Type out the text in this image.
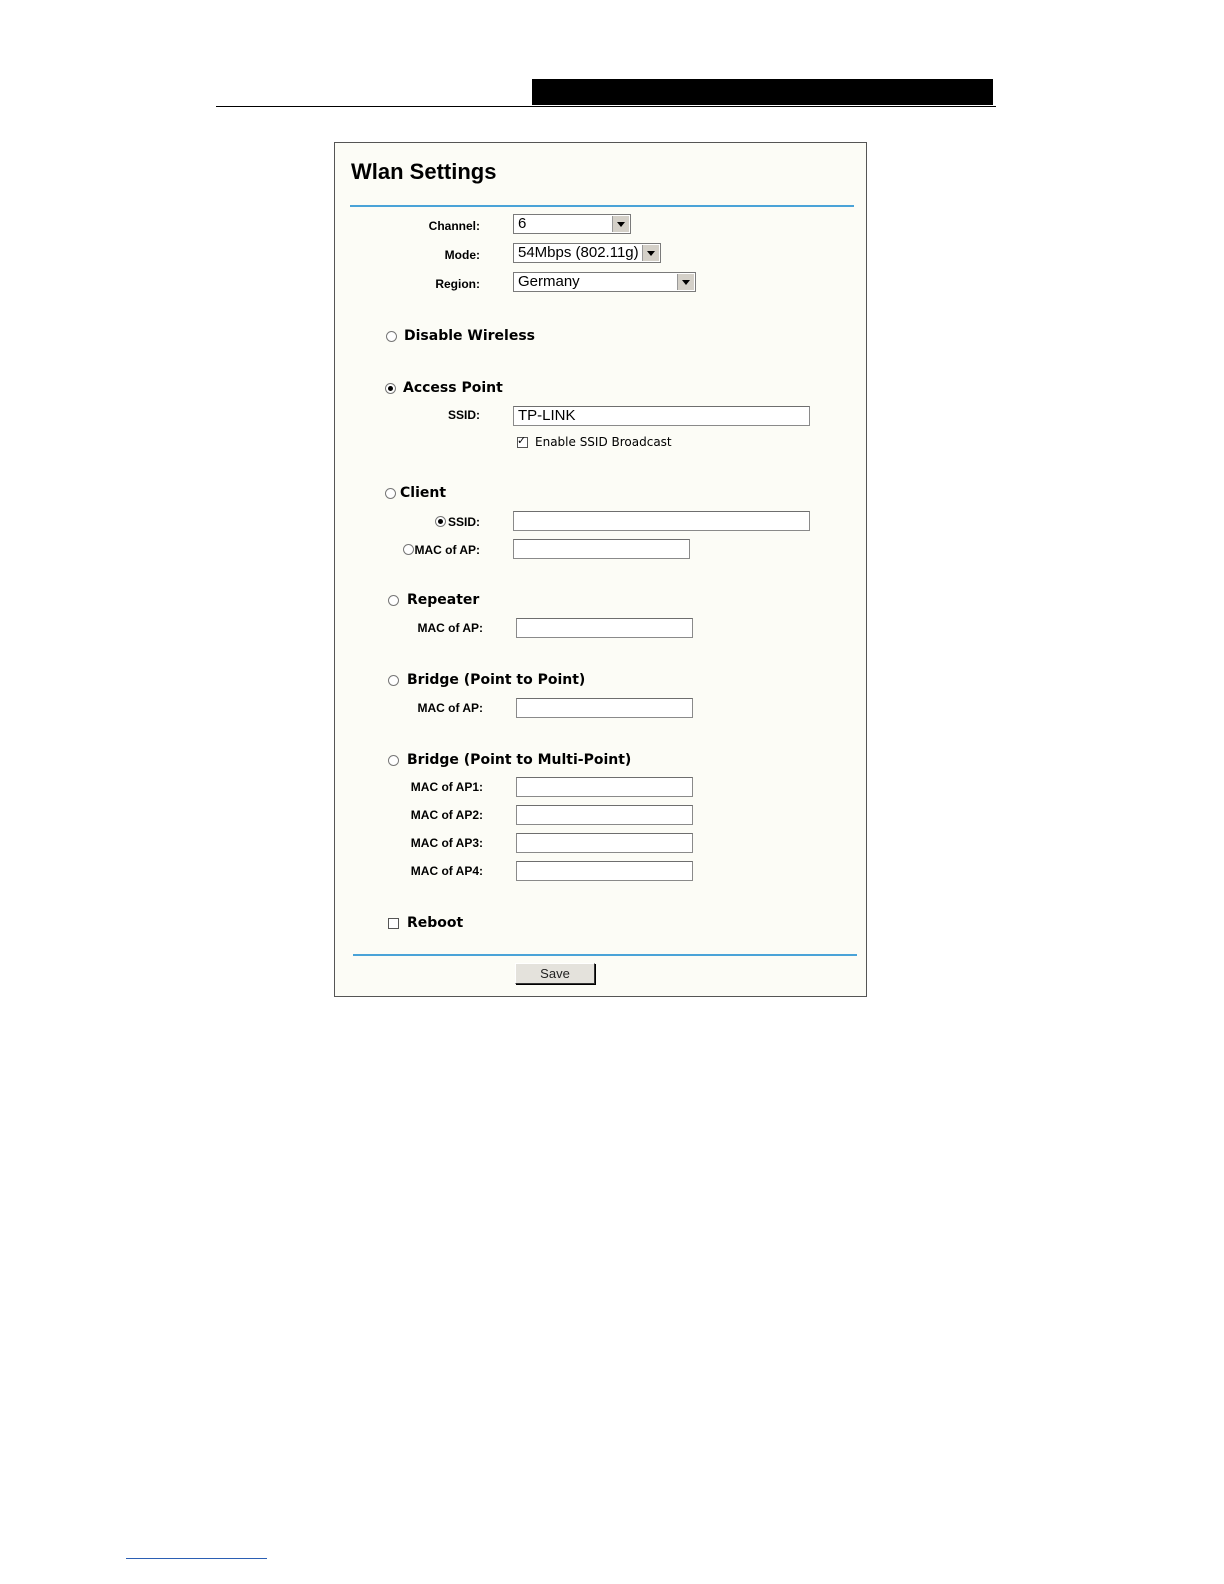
Wlan Settings
Channel:	6
Mode:	54Mbps (802.11g)
Region:	Germany
Disable Wireless
Access Point
SSID:	TP-LINK
✓ Enable SSID Broadcast
Client
SSID:
MAC of AP:
Repeater
MAC of AP:
Bridge (Point to Point)
MAC of AP:
Bridge (Point to Multi-Point)
MAC of AP1:
MAC of AP2:
MAC of AP3:
MAC of AP4:
Reboot
Save
